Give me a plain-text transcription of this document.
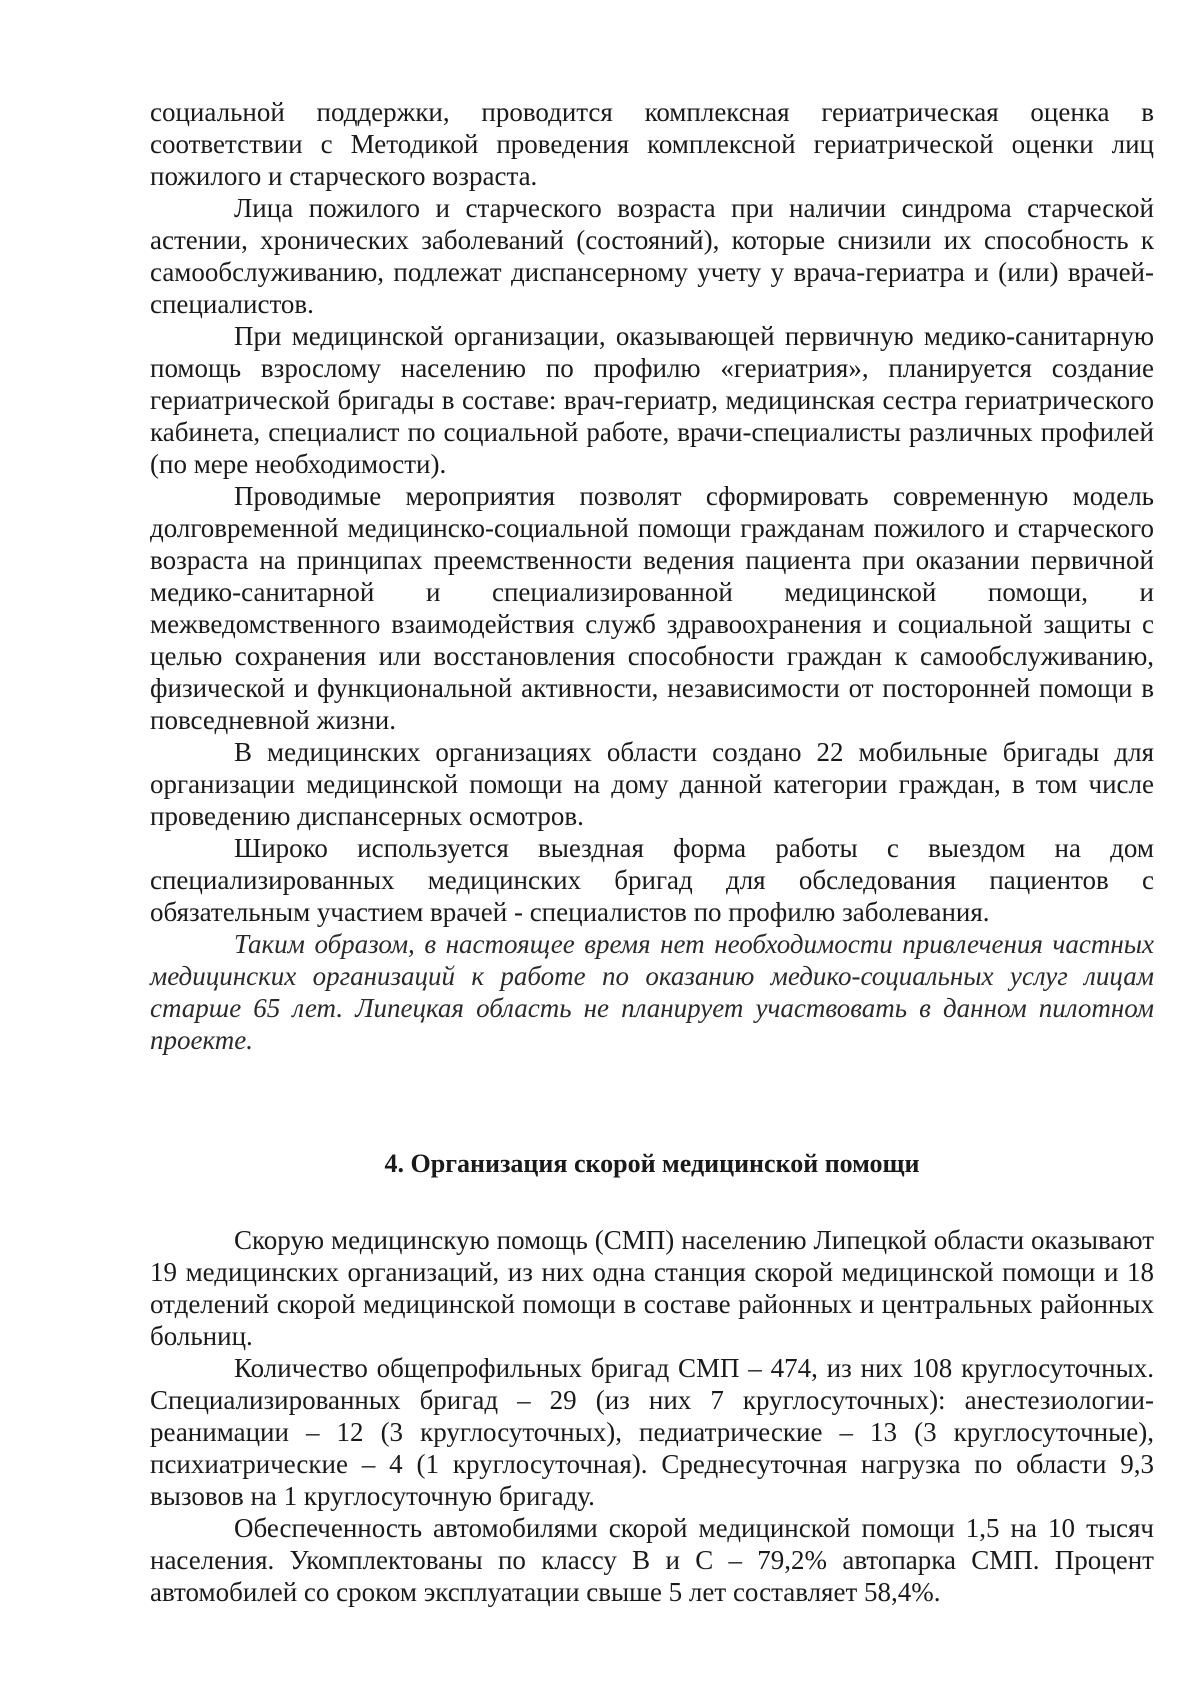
социальной поддержки, проводится комплексная гериатрическая оценка в соответствии с Методикой проведения комплексной гериатрической оценки лиц пожилого и старческого возраста.

Лица пожилого и старческого возраста при наличии синдрома старческой астении, хронических заболеваний (состояний), которые снизили их способность к самообслуживанию, подлежат диспансерному учету у врача-гериатра и (или) врачей-специалистов.

При медицинской организации, оказывающей первичную медико-санитарную помощь взрослому населению по профилю «гериатрия», планируется создание гериатрической бригады в составе: врач-гериатр, медицинская сестра гериатрического кабинета, специалист по социальной работе, врачи-специалисты различных профилей (по мере необходимости).

Проводимые мероприятия позволят сформировать современную модель долговременной медицинско-социальной помощи гражданам пожилого и старческого возраста на принципах преемственности ведения пациента при оказании первичной медико-санитарной и специализированной медицинской помощи, и межведомственного взаимодействия служб здравоохранения и социальной защиты с целью сохранения или восстановления способности граждан к самообслуживанию, физической и функциональной активности, независимости от посторонней помощи в повседневной жизни.

В медицинских организациях области создано 22 мобильные бригады для организации медицинской помощи на дому данной категории граждан, в том числе проведению диспансерных осмотров.

Широко используется выездная форма работы с выездом на дом специализированных медицинских бригад для обследования пациентов с обязательным участием врачей - специалистов по профилю заболевания.

Таким образом, в настоящее время нет необходимости привлечения частных медицинских организаций к работе по оказанию медико-социальных услуг лицам старше 65 лет. Липецкая область не планирует участвовать в данном пилотном проекте.

4. Организация скорой медицинской помощи

Скорую медицинскую помощь (СМП) населению Липецкой области оказывают 19 медицинских организаций, из них одна станция скорой медицинской помощи и 18 отделений скорой медицинской помощи в составе районных и центральных районных больниц.

Количество общепрофильных бригад СМП – 474, из них 108 круглосуточных. Специализированных бригад – 29 (из них 7 круглосуточных): анестезиологии-реанимации – 12 (3 круглосуточных), педиатрические – 13 (3 круглосуточные), психиатрические – 4 (1 круглосуточная). Среднесуточная нагрузка по области 9,3 вызовов на 1 круглосуточную бригаду.

Обеспеченность автомобилями скорой медицинской помощи 1,5 на 10 тысяч населения. Укомплектованы по классу В и С – 79,2% автопарка СМП. Процент автомобилей со сроком эксплуатации свыше 5 лет составляет 58,4%.
